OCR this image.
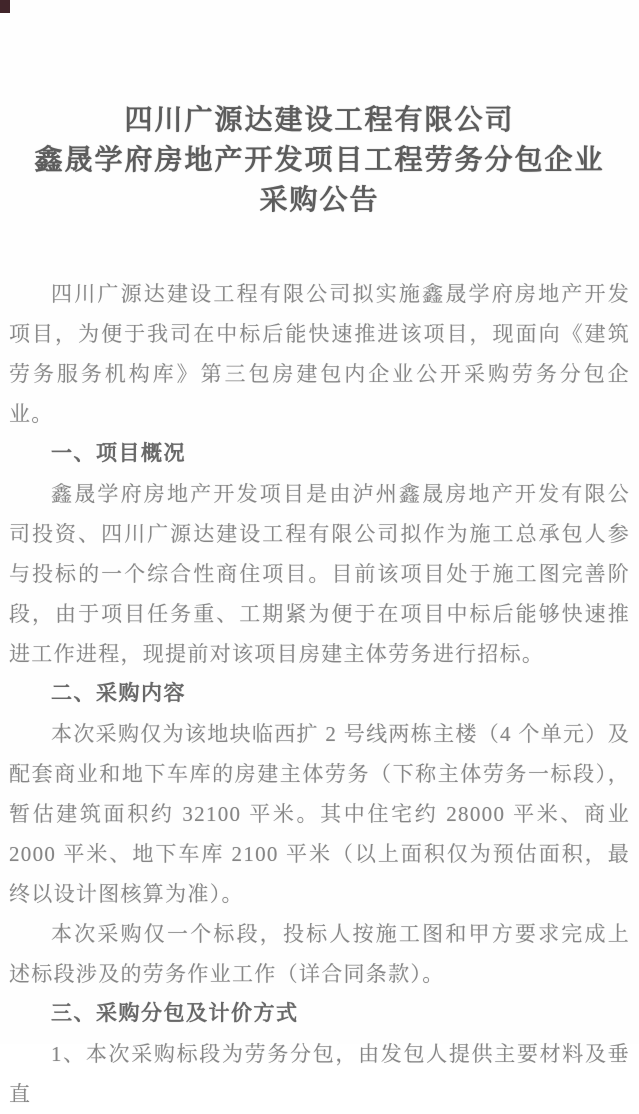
四川广源达建设工程有限公司
鑫晟学府房地产开发项目工程劳务分包企业
采购公告

四川广源达建设工程有限公司拟实施鑫晟学府房地产开发项目，为便于我司在中标后能快速推进该项目，现面向《建筑劳务服务机构库》第三包房建包内企业公开采购劳务分包企业。

一、项目概况

鑫晟学府房地产开发项目是由泸州鑫晟房地产开发有限公司投资、四川广源达建设工程有限公司拟作为施工总承包人参与投标的一个综合性商住项目。目前该项目处于施工图完善阶段，由于项目任务重、工期紧为便于在项目中标后能够快速推进工作进程，现提前对该项目房建主体劳务进行招标。

二、采购内容

本次采购仅为该地块临西扩 2 号线两栋主楼（4 个单元）及配套商业和地下车库的房建主体劳务（下称主体劳务一标段），暂估建筑面积约 32100 平米。其中住宅约 28000 平米、商业 2000 平米、地下车库 2100 平米（以上面积仅为预估面积，最终以设计图核算为准）。

本次采购仅一个标段，投标人按施工图和甲方要求完成上述标段涉及的劳务作业工作（详合同条款）。

三、采购分包及计价方式

1、本次采购标段为劳务分包，由发包人提供主要材料及垂直
